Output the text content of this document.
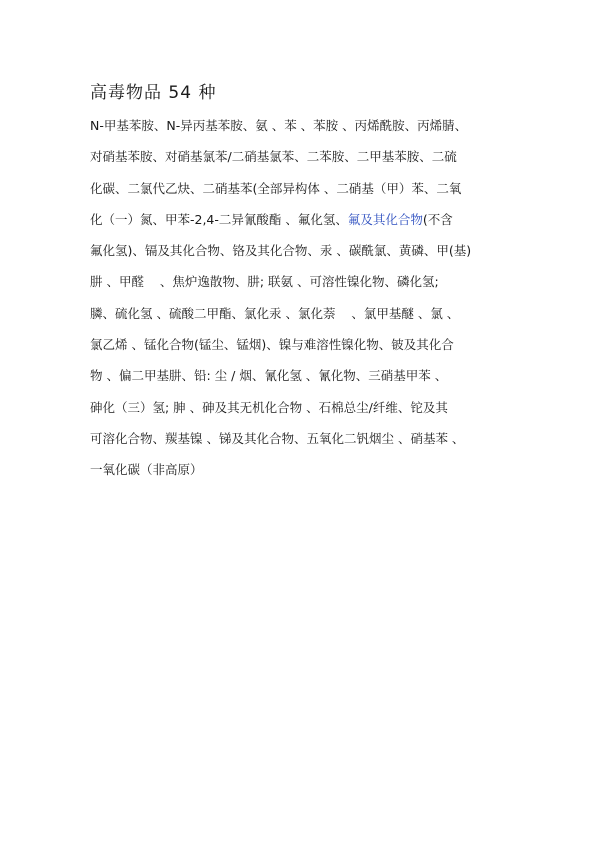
高毒物品 54 种
N-甲基苯胺、N-异丙基苯胺、氨 、苯 、苯胺 、丙烯酰胺、丙烯腈、
对硝基苯胺、对硝基氯苯/二硝基氯苯、二苯胺、二甲基苯胺、二硫
化碳、二氯代乙炔、二硝基苯(全部异构体 、二硝基（甲）苯、二氧
化（一）氮、甲苯-2,4-二异氰酸酯 、氟化氢、氟及其化合物(不含
氟化氢)、镉及其化合物、铬及其化合物、汞 、碳酰氯、黄磷、甲(基)
肼 、甲醛    、焦炉逸散物、肼; 联氨 、可溶性镍化物、磷化氢;
膦、硫化氢 、硫酸二甲酯、氯化汞 、氯化萘    、氯甲基醚 、氯 、
氯乙烯 、锰化合物(锰尘、锰烟)、镍与难溶性镍化物、铍及其化合
物 、偏二甲基肼、铅: 尘 / 烟、氰化氢 、氰化物、三硝基甲苯 、
砷化（三）氢; 胂 、砷及其无机化合物 、石棉总尘/纤维、铊及其
可溶化合物、羰基镍 、锑及其化合物、五氧化二钒烟尘 、硝基苯 、
一氧化碳（非高原）
